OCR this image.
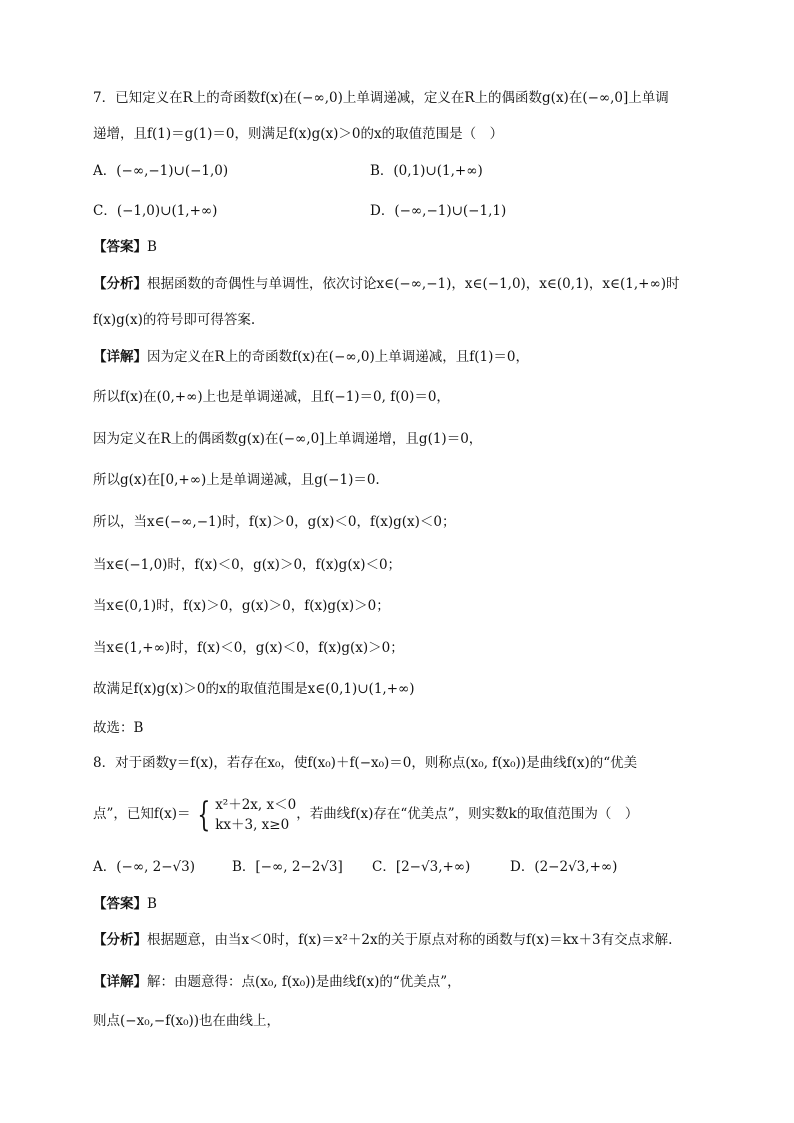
7．已知定义在R上的奇函数f(x)在(−∞,0)上单调递减，定义在R上的偶函数g(x)在(−∞,0]上单调
递增，且f(1)＝g(1)＝0，则满足f(x)g(x)＞0的x的取值范围是（　）
A．(−∞,−1)∪(−1,0)	B．(0,1)∪(1,+∞)
C．(−1,0)∪(1,+∞)	D．(−∞,−1)∪(−1,1)
【答案】B
【分析】根据函数的奇偶性与单调性，依次讨论x∈(−∞,−1)，x∈(−1,0)，x∈(0,1)，x∈(1,+∞)时
f(x)g(x)的符号即可得答案.
【详解】因为定义在R上的奇函数f(x)在(−∞,0)上单调递减，且f(1)＝0，
所以f(x)在(0,+∞)上也是单调递减，且f(−1)＝0, f(0)＝0，
因为定义在R上的偶函数g(x)在(−∞,0]上单调递增，且g(1)＝0，
所以g(x)在[0,+∞)上是单调递减，且g(−1)＝0.
所以，当x∈(−∞,−1)时，f(x)＞0，g(x)＜0，f(x)g(x)＜0；
当x∈(−1,0)时，f(x)＜0，g(x)＞0，f(x)g(x)＜0；
当x∈(0,1)时，f(x)＞0，g(x)＞0，f(x)g(x)＞0；
当x∈(1,+∞)时，f(x)＜0，g(x)＜0，f(x)g(x)＞0；
故满足f(x)g(x)＞0的x的取值范围是x∈(0,1)∪(1,+∞)
故选：B
8．对于函数y＝f(x)，若存在x₀，使f(x₀)＋f(−x₀)＝0，则称点(x₀, f(x₀))是曲线f(x)的“优美
点”，已知f(x)＝ { x²＋2x, x＜0
kx＋3, x≥0
，若曲线f(x)存在“优美点”，则实数k的取值范围为（　）
A．(−∞, 2−√3)	B．[−∞, 2−2√3] C．[2−√3,+∞)	D．(2−2√3,+∞)
【答案】B
【分析】根据题意，由当x＜0时，f(x)＝x²＋2x的关于原点对称的函数与f(x)＝kx＋3有交点求解.
【详解】解：由题意得：点(x₀, f(x₀))是曲线f(x)的“优美点”，
则点(−x₀,−f(x₀))也在曲线上，
